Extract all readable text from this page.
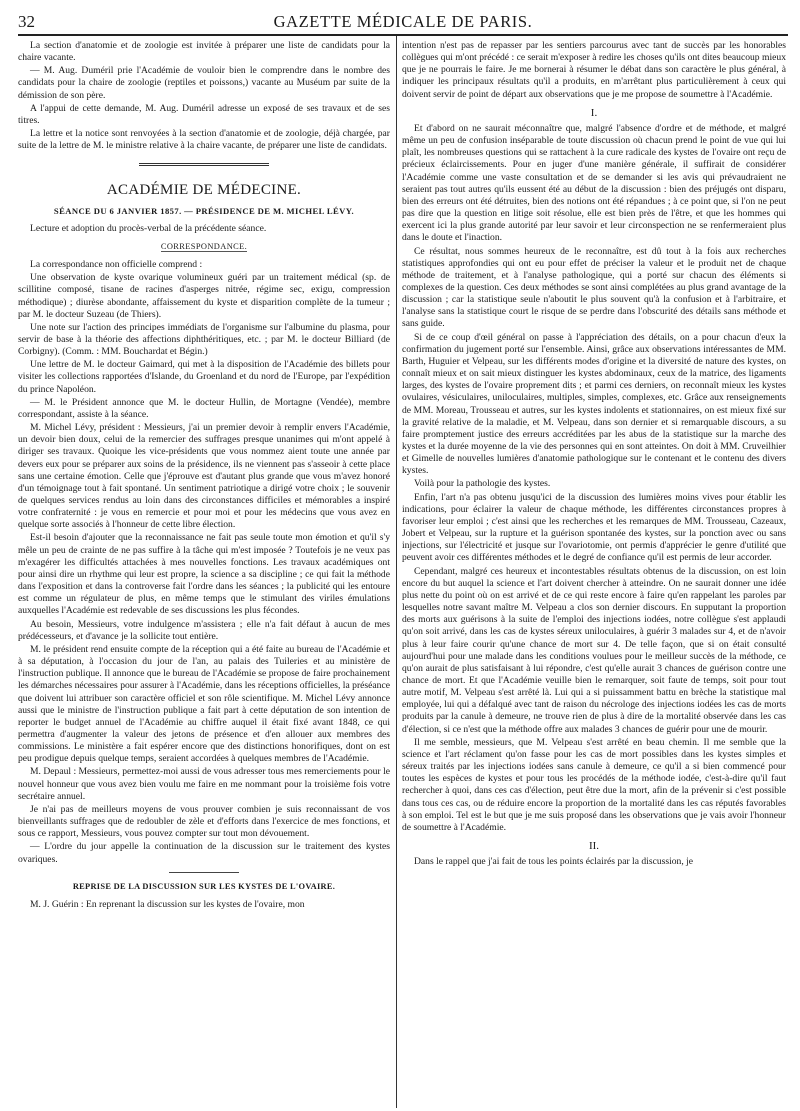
32	GAZETTE MÉDICALE DE PARIS.

La section d'anatomie et de zoologie est invitée à préparer une liste de candidats pour la chaire vacante.

— M. Aug. Duméril prie l'Académie de vouloir bien le comprendre dans le nombre des candidats pour la chaire de zoologie (reptiles et poissons,) vacante au Muséum par suite de la démission de son père.

A l'appui de cette demande, M. Aug. Duméril adresse un exposé de ses travaux et de ses titres.

La lettre et la notice sont renvoyées à la section d'anatomie et de zoologie, déjà chargée, par suite de la lettre de M. le ministre relative à la chaire vacante, de préparer une liste de candidats.

ACADÉMIE DE MÉDECINE.

SÉANCE DU 6 JANVIER 1857. — PRÉSIDENCE DE M. MICHEL LÉVY.

Lecture et adoption du procès-verbal de la précédente séance.

CORRESPONDANCE.

La correspondance non officielle comprend :

Une observation de kyste ovarique volumineux guéri par un traitement médical (sp. de scillitine composé, tisane de racines d'asperges nitrée, régime sec, exigu, compression méthodique) ; diurèse abondante, affaissement du kyste et disparition complète de la tumeur ; par M. le docteur Suzeau (de Thiers).

Une note sur l'action des principes immédiats de l'organisme sur l'albumine du plasma, pour servir de base à la théorie des affections diphthéritiques, etc. ; par M. le docteur Billiard (de Corbigny). (Comm. : MM. Bouchardat et Bégin.)

Une lettre de M. le docteur Gaimard, qui met à la disposition de l'Académie des billets pour visiter les collections rapportées d'Islande, du Groenland et du nord de l'Europe, par l'expédition du prince Napoléon.

— M. le Président annonce que M. le docteur Hullin, de Mortagne (Vendée), membre correspondant, assiste à la séance.

M. Michel Lévy, président : Messieurs, j'ai un premier devoir à remplir envers l'Académie, un devoir bien doux, celui de la remercier des suffrages presque unanimes qui m'ont appelé à diriger ses travaux. Quoique les vice-présidents que vous nommez aient toute une année par devers eux pour se préparer aux soins de la présidence, ils ne viennent pas s'asseoir à cette place sans une certaine émotion. Celle que j'éprouve est d'autant plus grande que vous m'avez honoré d'un témoignage tout à fait spontané. Un sentiment patriotique a dirigé votre choix ; le souvenir de quelques services rendus au loin dans des circonstances difficiles et mémorables a inspiré votre confraternité : je vous en remercie et pour moi et pour les médecins que vous avez en quelque sorte associés à l'honneur de cette libre élection.

Est-il besoin d'ajouter que la reconnaissance ne fait pas seule toute mon émotion et qu'il s'y mêle un peu de crainte de ne pas suffire à la tâche qui m'est imposée ? Toutefois je ne veux pas m'exagérer les difficultés attachées à mes nouvelles fonctions. Les travaux académiques ont pour ainsi dire un rhythme qui leur est propre, la science a sa discipline ; ce qui fait la méthode dans l'exposition et dans la controverse fait l'ordre dans les séances ; la publicité qui les entoure est comme un régulateur de plus, en même temps que le stimulant des viriles émulations auxquelles l'Académie est redevable de ses discussions les plus fécondes.

Au besoin, Messieurs, votre indulgence m'assistera ; elle n'a fait défaut à aucun de mes prédécesseurs, et d'avance je la sollicite tout entière.

M. le président rend ensuite compte de la réception qui a été faite au bureau de l'Académie et à sa députation, à l'occasion du jour de l'an, au palais des Tuileries et au ministère de l'instruction publique. Il annonce que le bureau de l'Académie se propose de faire prochainement les démarches nécessaires pour assurer à l'Académie, dans les réceptions officielles, la préséance que doivent lui attribuer son caractère officiel et son rôle scientifique. M. Michel Lévy annonce aussi que le ministre de l'instruction publique a fait part à cette députation de son intention de reporter le budget annuel de l'Académie au chiffre auquel il était fixé avant 1848, ce qui permettra d'augmenter la valeur des jetons de présence et d'en allouer aux membres des commissions. Le ministère a fait espérer encore que des distinctions honorifiques, dont on est peu prodigue depuis quelque temps, seraient accordées à quelques membres de l'Académie.

M. Depaul : Messieurs, permettez-moi aussi de vous adresser tous mes remerciements pour le nouvel honneur que vous avez bien voulu me faire en me nommant pour la troisième fois votre secrétaire annuel.

Je n'ai pas de meilleurs moyens de vous prouver combien je suis reconnaissant de vos bienveillants suffrages que de redoubler de zèle et d'efforts dans l'exercice de mes fonctions, et sous ce rapport, Messieurs, vous pouvez compter sur tout mon dévouement.

— L'ordre du jour appelle la continuation de la discussion sur le traitement des kystes ovariques.

REPRISE DE LA DISCUSSION SUR LES KYSTES DE L'OVAIRE.

M. J. Guérin : En reprenant la discussion sur les kystes de l'ovaire, mon

intention n'est pas de repasser par les sentiers parcourus avec tant de succès par les honorables collègues qui m'ont précédé : ce serait m'exposer à redire les choses qu'ils ont dites beaucoup mieux que je ne pourrais le faire. Je me bornerai à résumer le débat dans son caractère le plus général, à indiquer les principaux résultats qu'il a produits, en m'arrêtant plus particulièrement à ceux qui doivent servir de point de départ aux observations que je me propose de soumettre à l'Académie.

I.

Et d'abord on ne saurait méconnaître que, malgré l'absence d'ordre et de méthode, et malgré même un peu de confusion inséparable de toute discussion où chacun prend le point de vue qui lui plaît, les nombreuses questions qui se rattachent à la cure radicale des kystes de l'ovaire ont reçu de précieux éclaircissements. Pour en juger d'une manière générale, il suffirait de considérer l'Académie comme une vaste consultation et de se demander si les avis qui prévaudraient ne seraient pas tout autres qu'ils eussent été au début de la discussion : bien des préjugés ont disparu, bien des erreurs ont été détruites, bien des notions ont été répandues ; à ce point que, si l'on ne peut pas dire que la question en litige soit résolue, elle est bien près de l'être, et que les hommes qui exercent ici la plus grande autorité par leur savoir et leur circonspection ne se renfermeraient plus dans le doute et l'inaction.

Ce résultat, nous sommes heureux de le reconnaître, est dû tout à la fois aux recherches statistiques approfondies qui ont eu pour effet de préciser la valeur et le produit net de chaque méthode de traitement, et à l'analyse pathologique, qui a porté sur chacun des éléments si complexes de la question. Ces deux méthodes se sont ainsi complétées au plus grand avantage de la discussion ; car la statistique seule n'aboutit le plus souvent qu'à la confusion et à l'arbitraire, et l'analyse sans la statistique court le risque de se perdre dans l'obscurité des détails sans méthode et sans guide.

Si de ce coup d'œil général on passe à l'appréciation des détails, on a pour chacun d'eux la confirmation du jugement porté sur l'ensemble. Ainsi, grâce aux observations intéressantes de MM. Barth, Huguier et Velpeau, sur les différents modes d'origine et la diversité de nature des kystes, on connaît mieux et on sait mieux distinguer les kystes abdominaux, ceux de la matrice, des ligaments larges, des kystes de l'ovaire proprement dits ; et parmi ces derniers, on reconnaît mieux les kystes ovulaires, vésiculaires, uniloculaires, multiples, simples, complexes, etc. Grâce aux renseignements de MM. Moreau, Trousseau et autres, sur les kystes indolents et stationnaires, on est mieux fixé sur la gravité relative de la maladie, et M. Velpeau, dans son dernier et si remarquable discours, a su faire promptement justice des erreurs accréditées par les abus de la statistique sur la marche des kystes et la durée moyenne de la vie des personnes qui en sont atteintes. On doit à MM. Cruveilhier et Gimelle de nouvelles lumières d'anatomie pathologique sur le contenant et le contenu des divers kystes.

Voilà pour la pathologie des kystes.

Enfin, l'art n'a pas obtenu jusqu'ici de la discussion des lumières moins vives pour établir les indications, pour éclairer la valeur de chaque méthode, les différentes circonstances propres à favoriser leur emploi ; c'est ainsi que les recherches et les remarques de MM. Trousseau, Cazeaux, Jobert et Velpeau, sur la rupture et la guérison spontanée des kystes, sur la ponction avec ou sans injections, sur l'électricité et jusque sur l'ovariotomie, ont permis d'apprécier le genre d'utilité que peuvent avoir ces différentes méthodes et le degré de confiance qu'il est permis de leur accorder.

Cependant, malgré ces heureux et incontestables résultats obtenus de la discussion, on est loin encore du but auquel la science et l'art doivent chercher à atteindre. On ne saurait donner une idée plus nette du point où on est arrivé et de ce qui reste encore à faire qu'en rappelant les paroles par lesquelles notre savant maître M. Velpeau a clos son dernier discours. En supputant la proportion des morts aux guérisons à la suite de l'emploi des injections iodées, notre collègue s'est applaudi qu'on soit arrivé, dans les cas de kystes séreux uniloculaires, à guérir 3 malades sur 4, et de n'avoir plus à leur faire courir qu'une chance de mort sur 4. De telle façon, que si on était consulté aujourd'hui pour une malade dans les conditions voulues pour le meilleur succès de la méthode, ce qu'on aurait de plus satisfaisant à lui répondre, c'est qu'elle aurait 3 chances de guérison contre une chance de mort. Et que l'Académie veuille bien le remarquer, soit faute de temps, soit pour tout autre motif, M. Velpeau s'est arrêté là. Lui qui a si puissamment battu en brèche la statistique mal employée, lui qui a défalqué avec tant de raison du nécrologe des injections iodées les cas de morts produits par la canule à demeure, ne trouve rien de plus à dire de la mortalité observée dans les cas d'élection, si ce n'est que la méthode offre aux malades 3 chances de guérir pour une de mourir.

Il me semble, messieurs, que M. Velpeau s'est arrêté en beau chemin. Il me semble que la science et l'art réclament qu'on fasse pour les cas de mort possibles dans les kystes simples et séreux traités par les injections iodées sans canule à demeure, ce qu'il a si bien commencé pour toutes les espèces de kystes et pour tous les procédés de la méthode iodée, c'est-à-dire qu'il faut rechercher à quoi, dans ces cas d'élection, peut être due la mort, afin de la prévenir si c'est possible dans tous ces cas, ou de réduire encore la proportion de la mortalité dans les cas réputés favorables à son emploi. Tel est le but que je me suis proposé dans les observations que je vais avoir l'honneur de soumettre à l'Académie.

II.

Dans le rappel que j'ai fait de tous les points éclairés par la discussion, je
